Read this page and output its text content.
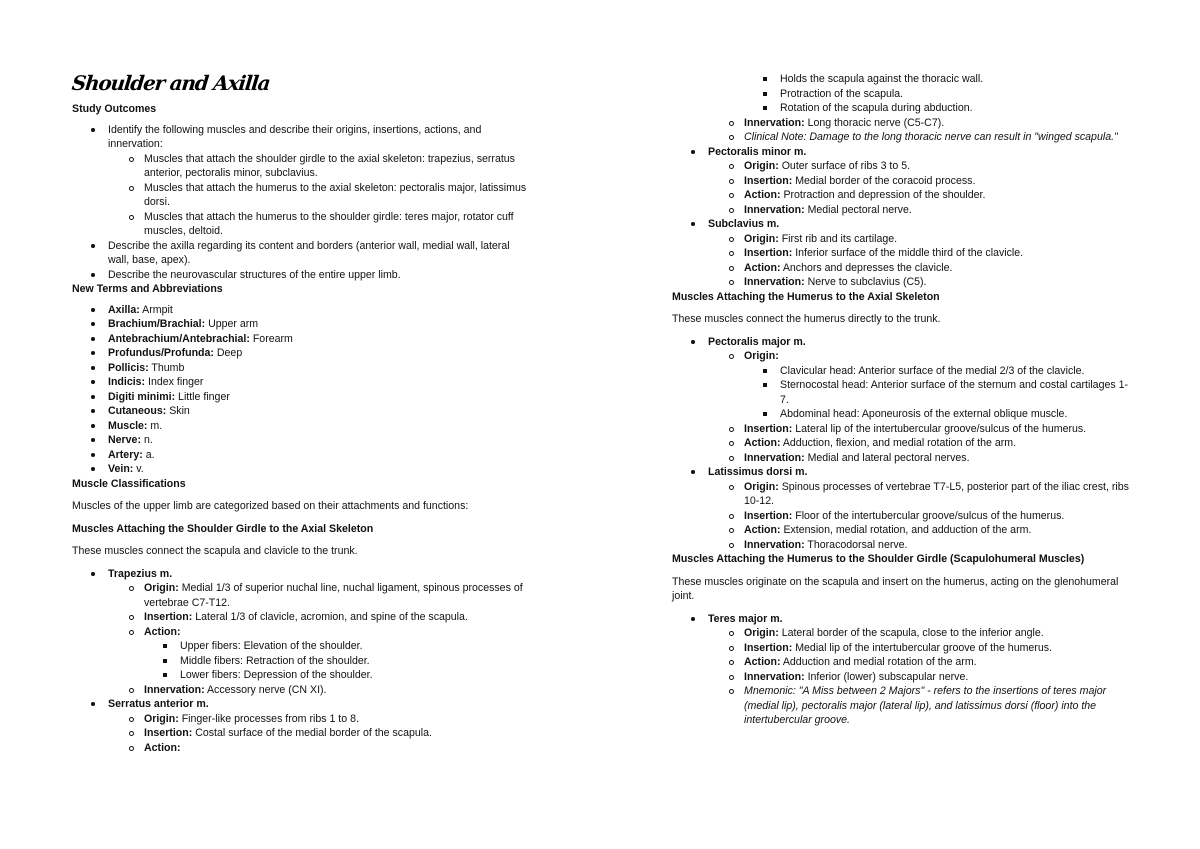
Shoulder and Axilla
Study Outcomes
Identify the following muscles and describe their origins, insertions, actions, and innervation:
Muscles that attach the shoulder girdle to the axial skeleton: trapezius, serratus anterior, pectoralis minor, subclavius.
Muscles that attach the humerus to the axial skeleton: pectoralis major, latissimus dorsi.
Muscles that attach the humerus to the shoulder girdle: teres major, rotator cuff muscles, deltoid.
Describe the axilla regarding its content and borders (anterior wall, medial wall, lateral wall, base, apex).
Describe the neurovascular structures of the entire upper limb.
New Terms and Abbreviations
Axilla: Armpit
Brachium/Brachial: Upper arm
Antebrachium/Antebrachial: Forearm
Profundus/Profunda: Deep
Pollicis: Thumb
Indicis: Index finger
Digiti minimi: Little finger
Cutaneous: Skin
Muscle: m.
Nerve: n.
Artery: a.
Vein: v.
Muscle Classifications
Muscles of the upper limb are categorized based on their attachments and functions:
Muscles Attaching the Shoulder Girdle to the Axial Skeleton
These muscles connect the scapula and clavicle to the trunk.
Trapezius m.
Origin: Medial 1/3 of superior nuchal line, nuchal ligament, spinous processes of vertebrae C7-T12.
Insertion: Lateral 1/3 of clavicle, acromion, and spine of the scapula.
Action:
Upper fibers: Elevation of the shoulder.
Middle fibers: Retraction of the shoulder.
Lower fibers: Depression of the shoulder.
Innervation: Accessory nerve (CN XI).
Serratus anterior m.
Origin: Finger-like processes from ribs 1 to 8.
Insertion: Costal surface of the medial border of the scapula.
Action:
Holds the scapula against the thoracic wall.
Protraction of the scapula.
Rotation of the scapula during abduction.
Innervation: Long thoracic nerve (C5-C7).
Clinical Note: Damage to the long thoracic nerve can result in "winged scapula."
Pectoralis minor m.
Origin: Outer surface of ribs 3 to 5.
Insertion: Medial border of the coracoid process.
Action: Protraction and depression of the shoulder.
Innervation: Medial pectoral nerve.
Subclavius m.
Origin: First rib and its cartilage.
Insertion: Inferior surface of the middle third of the clavicle.
Action: Anchors and depresses the clavicle.
Innervation: Nerve to subclavius (C5).
Muscles Attaching the Humerus to the Axial Skeleton
These muscles connect the humerus directly to the trunk.
Pectoralis major m.
Origin:
Clavicular head: Anterior surface of the medial 2/3 of the clavicle.
Sternocostal head: Anterior surface of the sternum and costal cartilages 1-7.
Abdominal head: Aponeurosis of the external oblique muscle.
Insertion: Lateral lip of the intertubercular groove/sulcus of the humerus.
Action: Adduction, flexion, and medial rotation of the arm.
Innervation: Medial and lateral pectoral nerves.
Latissimus dorsi m.
Origin: Spinous processes of vertebrae T7-L5, posterior part of the iliac crest, ribs 10-12.
Insertion: Floor of the intertubercular groove/sulcus of the humerus.
Action: Extension, medial rotation, and adduction of the arm.
Innervation: Thoracodorsal nerve.
Muscles Attaching the Humerus to the Shoulder Girdle (Scapulohumeral Muscles)
These muscles originate on the scapula and insert on the humerus, acting on the glenohumeral joint.
Teres major m.
Origin: Lateral border of the scapula, close to the inferior angle.
Insertion: Medial lip of the intertubercular groove of the humerus.
Action: Adduction and medial rotation of the arm.
Innervation: Inferior (lower) subscapular nerve.
Mnemonic: "A Miss between 2 Majors" - refers to the insertions of teres major (medial lip), pectoralis major (lateral lip), and latissimus dorsi (floor) into the intertubercular groove.
